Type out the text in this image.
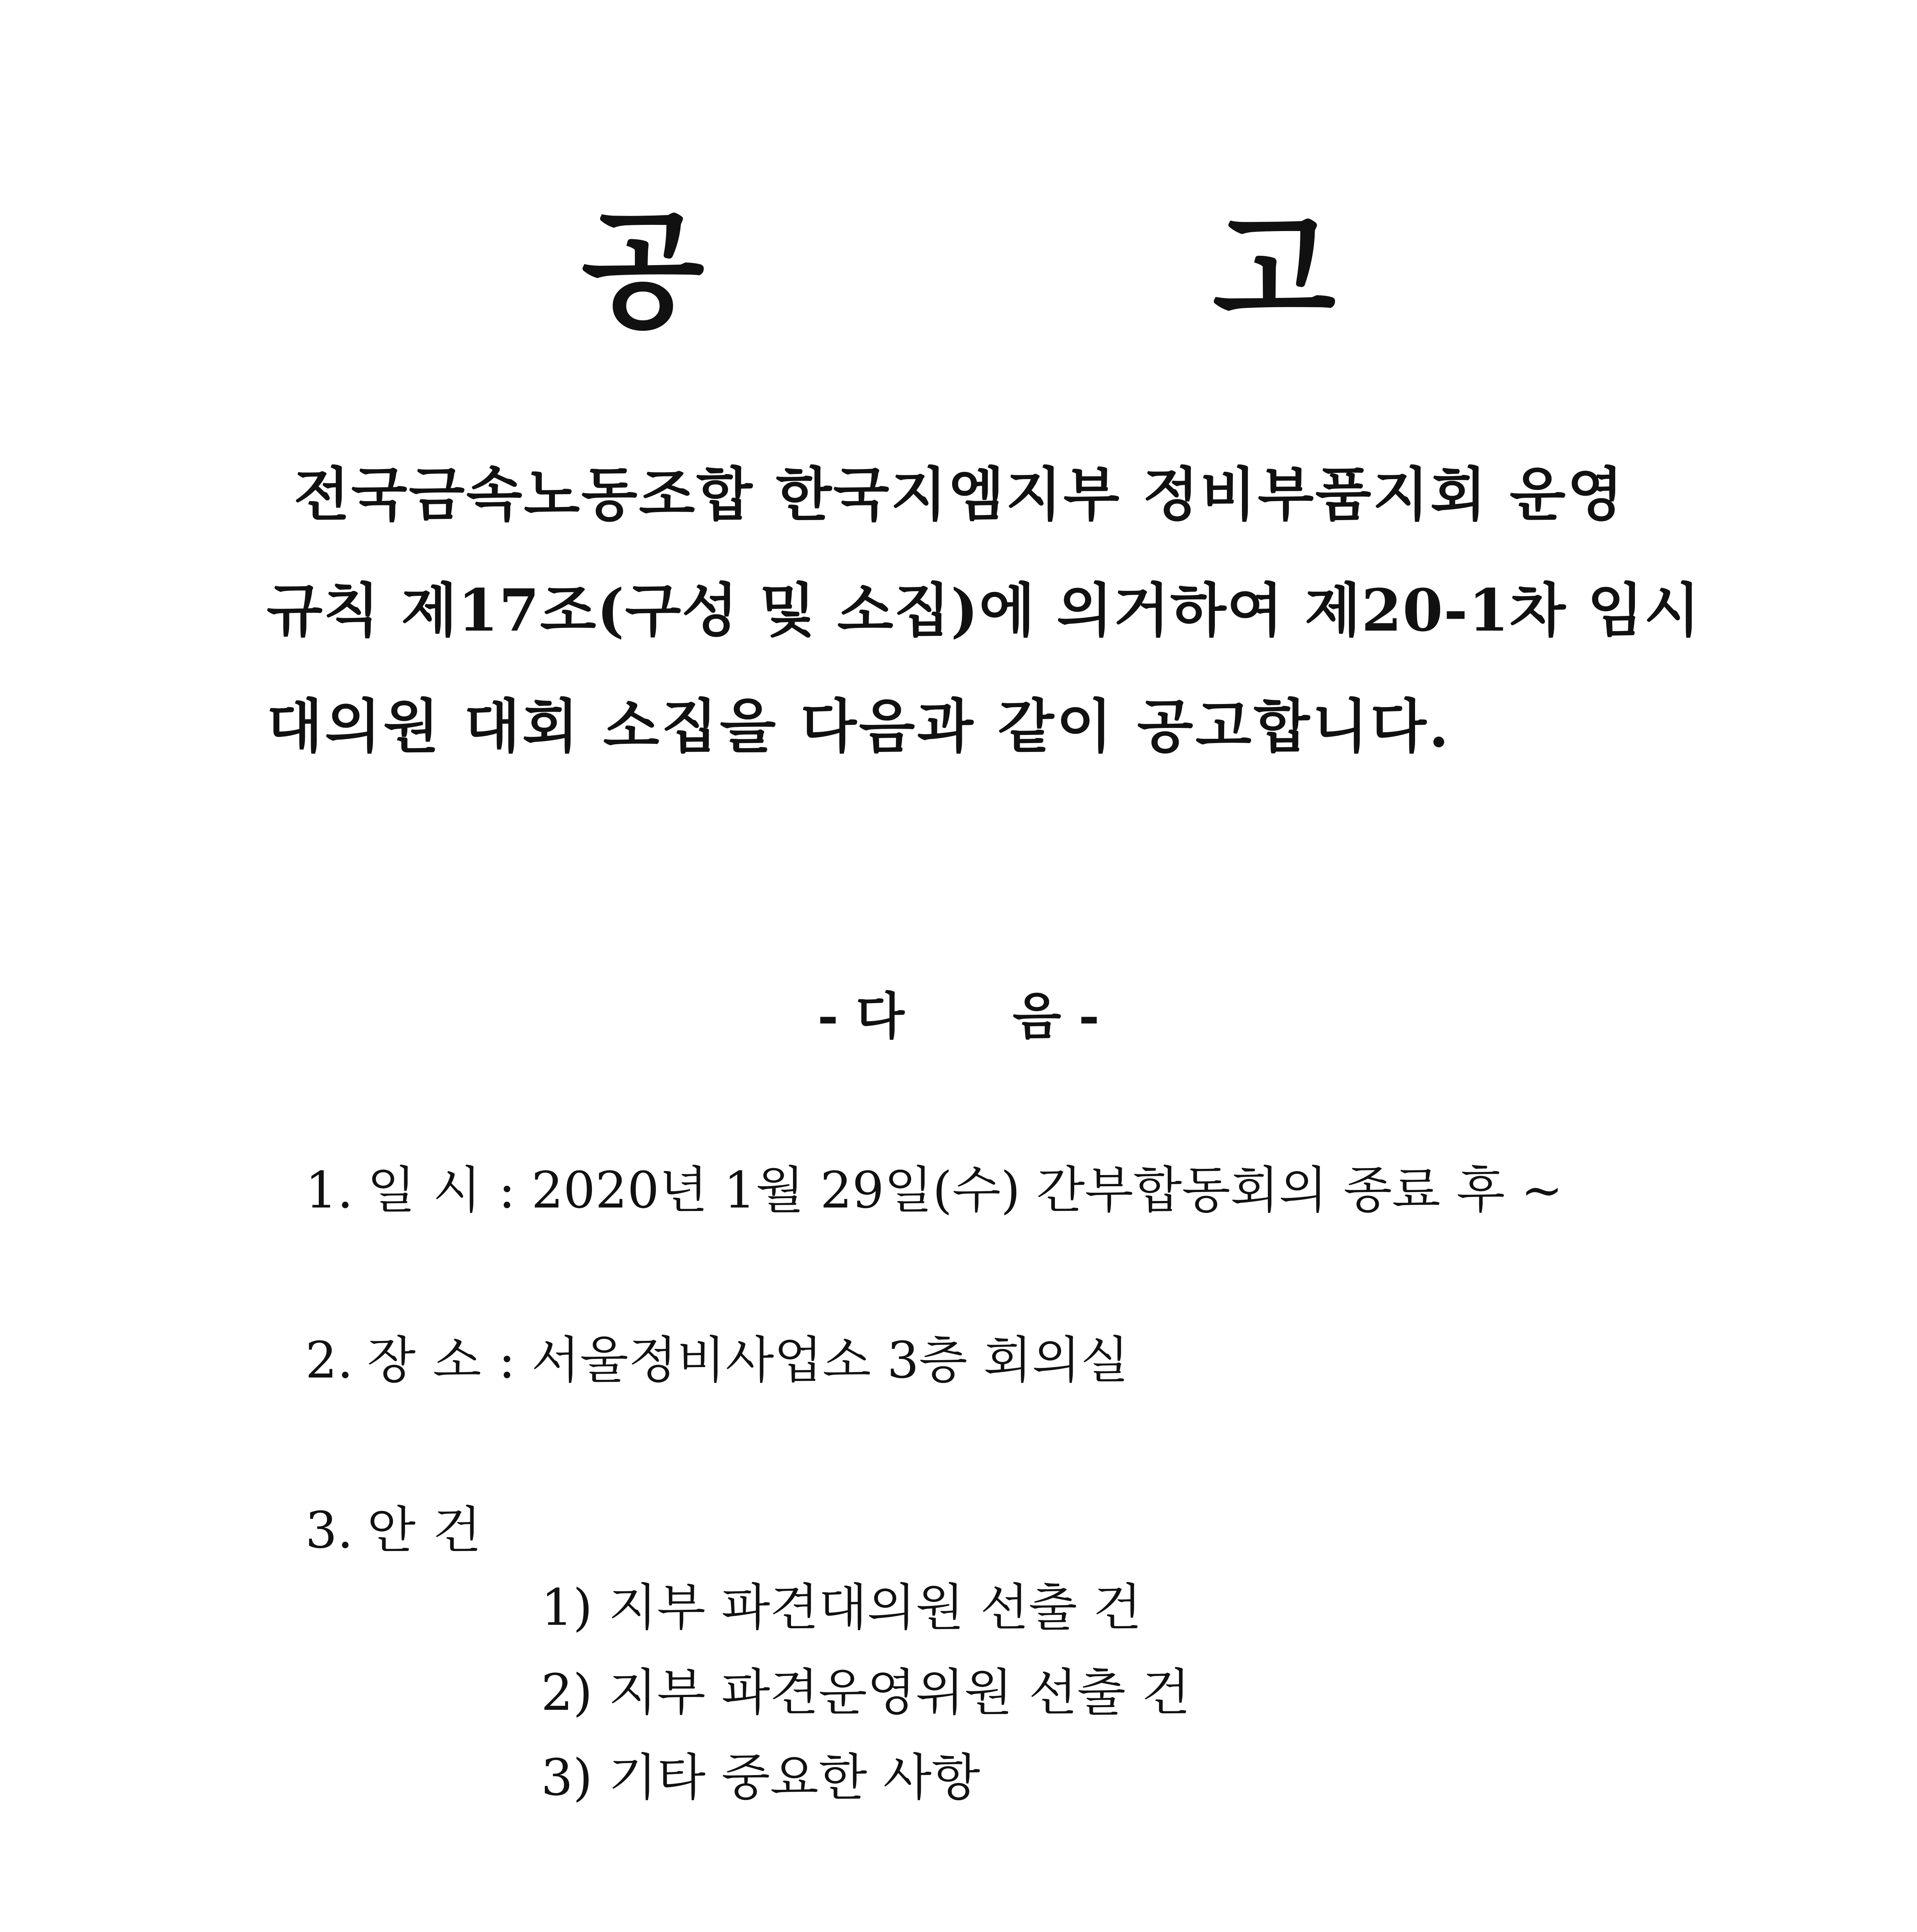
공 고
전국금속노동조합 한국지엠지부 정비부품지회 운영
규칙 제17조(구성 및 소집)에 의거하여 제20-1차 임시
대의원 대회 소집을 다음과 같이 공고합니다.
- 다 음 -
1. 일 시 : 2020년 1월 29일(수) 간부합동회의 종료 후 ~
2. 장 소 : 서울정비사업소 3층 회의실
3. 안 건
1) 지부 파견대의원 선출 건
2) 지부 파견운영위원 선출 건
3) 기타 중요한 사항
